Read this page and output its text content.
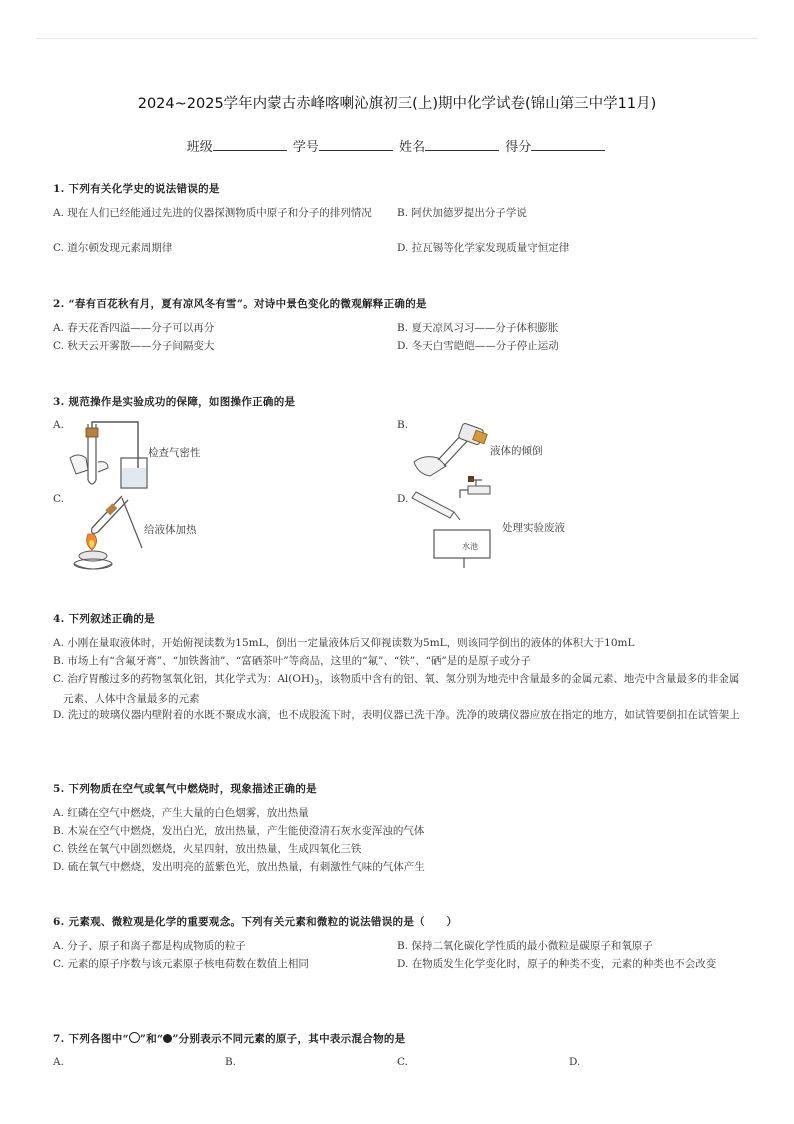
2024~2025学年内蒙古赤峰喀喇沁旗初三(上)期中化学试卷(锦山第三中学11月)
班级	学号	姓名	得分
1. 下列有关化学史的说法错误的是
A. 现在人们已经能通过先进的仪器探测物质中原子和分子的排列情况	B. 阿伏加德罗提出分子学说
C. 道尔顿发现元素周期律	D. 拉瓦锡等化学家发现质量守恒定律
2. “春有百花秋有月，夏有凉风冬有雪”。对诗中景色变化的微观解释正确的是
A. 春天花香四溢——分子可以再分	B. 夏天凉风习习——分子体积膨胀
C. 秋天云开雾散——分子间隔变大	D. 冬天白雪皑皑——分子停止运动
3. 规范操作是实验成功的保障，如图操作正确的是
A.
检查气密性
B.
液体的倾倒
C.
给液体加热
D.
处理实验废液
水池
4. 下列叙述正确的是
A. 小刚在量取液体时，开始俯视读数为15mL，倒出一定量液体后又仰视读数为5mL，则该同学倒出的液体的体积大于10mL
B. 市场上有“含氟牙膏”、“加铁酱油”、“富硒茶叶”等商品，这里的“氟”、“铁”、“硒”是的是原子或分子
C. 治疗胃酸过多的药物氢氧化铝，其化学式为：$Al(OH)_3$，该物质中含有的铝、氧、氢分别为地壳中含量最多的金属元素、地壳中含量最多的非金属元素、人体中含量最多的元素
D. 洗过的玻璃仪器内壁附着的水既不聚成水滴，也不成股流下时，表明仪器已洗干净。洗净的玻璃仪器应放在指定的地方，如试管要倒扣在试管架上
5. 下列物质在空气或氧气中燃烧时，现象描述正确的是
A. 红磷在空气中燃烧，产生大量的白色烟雾，放出热量
B. 木炭在空气中燃烧，发出白光，放出热量，产生能使澄清石灰水变浑浊的气体
C. 铁丝在氧气中剧烈燃烧，火星四射，放出热量，生成四氧化三铁
D. 硫在氧气中燃烧，发出明亮的蓝紫色光，放出热量，有刺激性气味的气体产生
6. 元素观、微粒观是化学的重要观念。下列有关元素和微粒的说法错误的是（　　）
A. 分子、原子和离子都是构成物质的粒子	B. 保持二氧化碳化学性质的最小微粒是碳原子和氧原子
C. 元素的原子序数与该元素原子核电荷数在数值上相同	D. 在物质发生化学变化时，原子的种类不变，元素的种类也不会改变
7. 下列各图中“ ”和“ ”分别表示不同元素的原子，其中表示混合物的是
A.	B.	C.	D.
